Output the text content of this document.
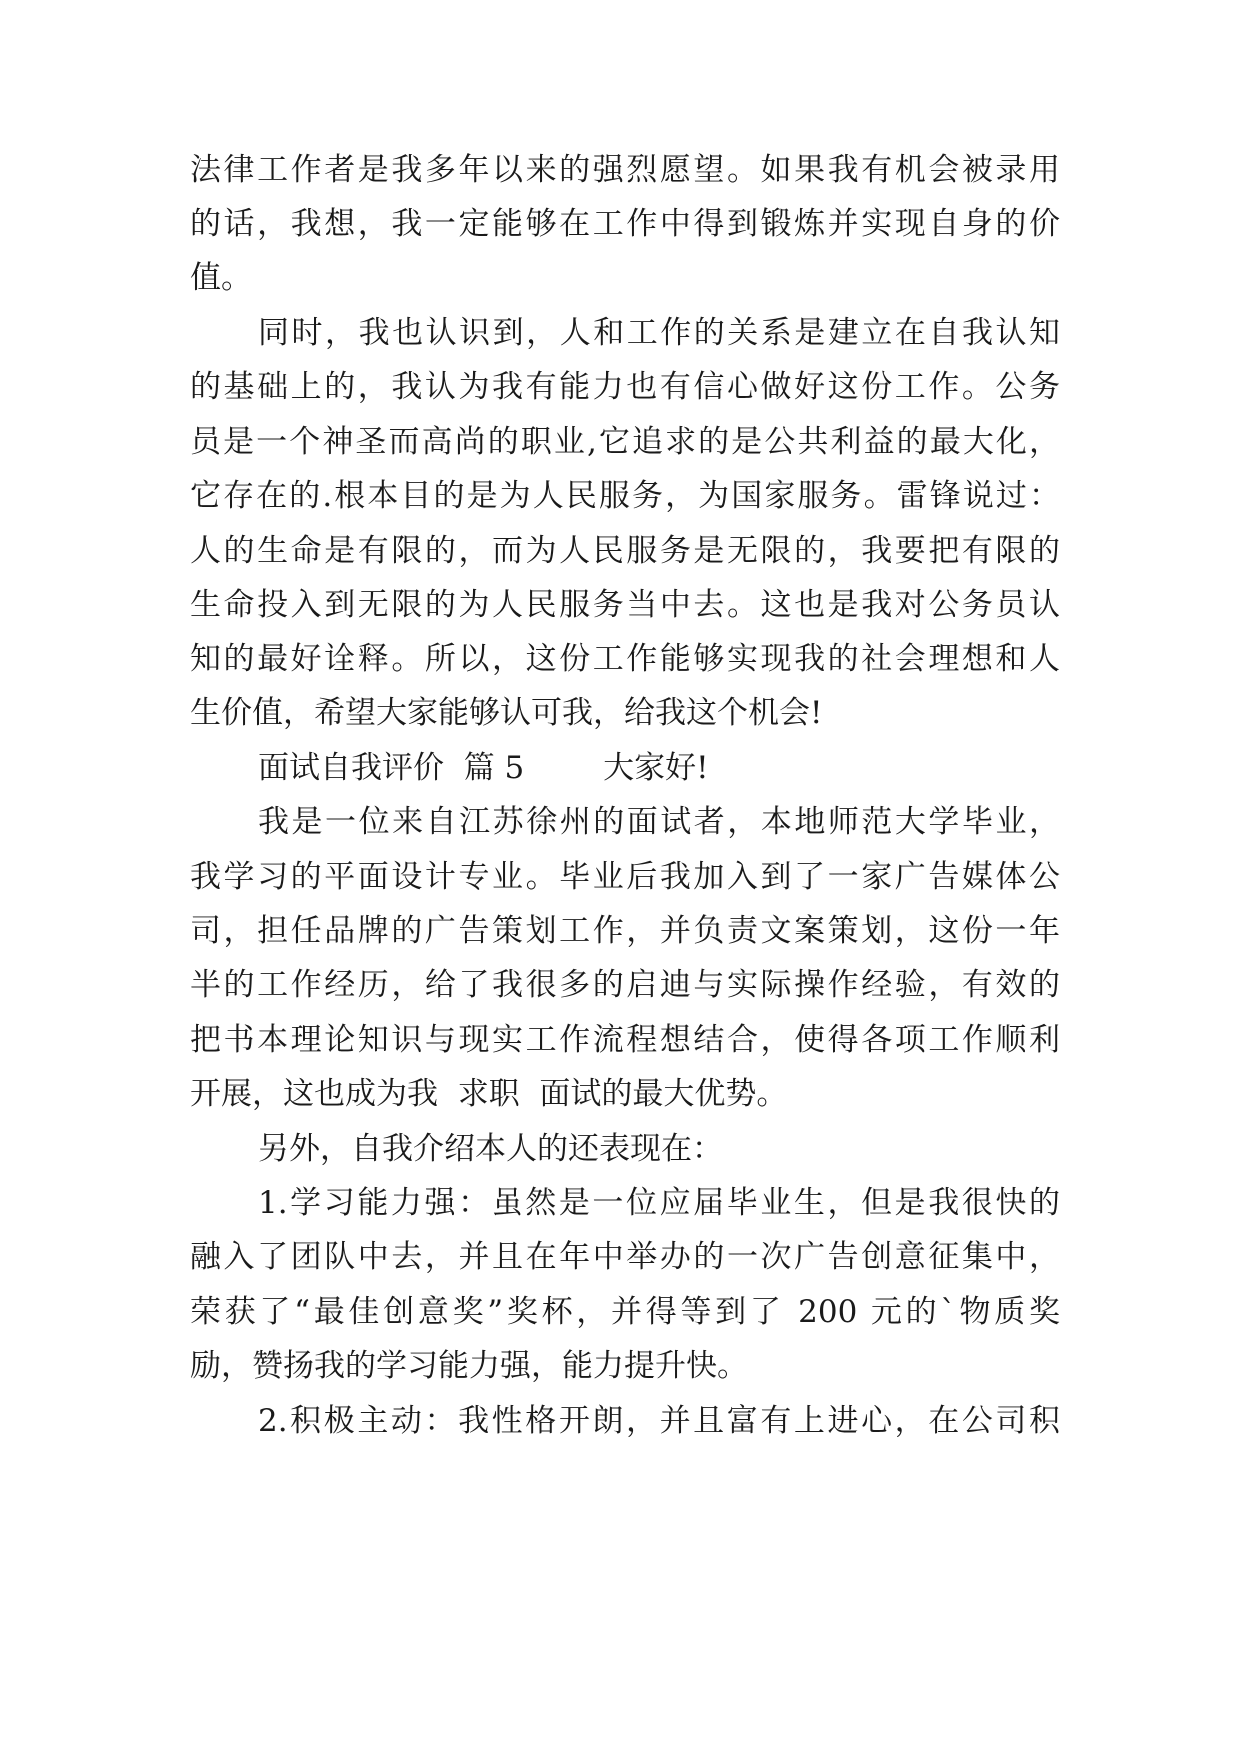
法律工作者是我多年以来的强烈愿望。如果我有机会被录用
的话，我想，我一定能够在工作中得到锻炼并实现自身的价
值。
同时，我也认识到，人和工作的关系是建立在自我认知
的基础上的，我认为我有能力也有信心做好这份工作。公务
员是一个神圣而高尚的职业,它追求的是公共利益的最大化，
它存在的.根本目的是为人民服务，为国家服务。雷锋说过：
人的生命是有限的，而为人民服务是无限的，我要把有限的
生命投入到无限的为人民服务当中去。这也是我对公务员认
知的最好诠释。所以，这份工作能够实现我的社会理想和人
生价值，希望大家能够认可我，给我这个机会!
面试自我评价  篇 5        大家好!
我是一位来自江苏徐州的面试者，本地师范大学毕业，
我学习的平面设计专业。毕业后我加入到了一家广告媒体公
司，担任品牌的广告策划工作，并负责文案策划，这份一年
半的工作经历，给了我很多的启迪与实际操作经验，有效的
把书本理论知识与现实工作流程想结合，使得各项工作顺利
开展，这也成为我  求职  面试的最大优势。
另外，自我介绍本人的还表现在：
1.学习能力强：虽然是一位应届毕业生，但是我很快的
融入了团队中去，并且在年中举办的一次广告创意征集中，
荣获了“最佳创意奖”奖杯，并得等到了 200 元的`物质奖
励，赞扬我的学习能力强，能力提升快。
2.积极主动：我性格开朗，并且富有上进心，在公司积
